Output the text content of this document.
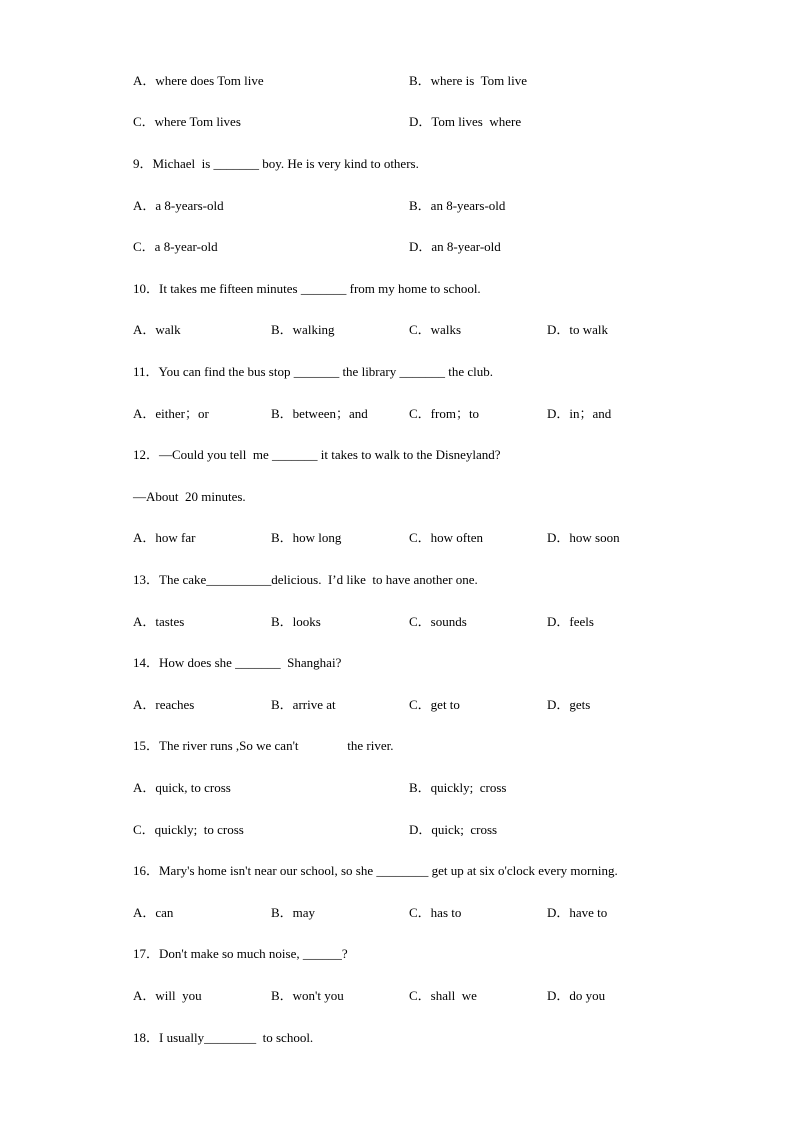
A．where does Tom live	B．where is  Tom live
C．where Tom lives	D．Tom lives  where
9．Michael  is _______ boy. He is very kind to others.
A．a 8-years-old	B．an 8-years-old
C．a 8-year-old	D．an 8-year-old
10．It takes me fifteen minutes _______ from my home to school.
A．walk	B．walking	C．walks	D．to walk
11．You can find the bus stop _______ the library _______ the club.
A．either；or	B．between；and	C．from；to	D．in；and
12．—Could you tell  me _______ it takes to walk to the Disneyland?
—About  20 minutes.
A．how far	B．how long	C．how often	D．how soon
13．The cake__________delicious.  I’d like  to have another one.
A．tastes	B．looks	C．sounds	D．feels
14．How does she _______  Shanghai?
A．reaches	B．arrive at	C．get to	D．gets
15．The river runs ,So we can't               the river.
A．quick, to cross	B．quickly;  cross
C．quickly;  to cross	D．quick;  cross
16．Mary's home isn't near our school, so she ________ get up at six o'clock every morning.
A．can	B．may	C．has to	D．have to
17．Don't make so much noise, ______?
A．will  you	B．won't you	C．shall  we	D．do you
18．I usually________  to school.
